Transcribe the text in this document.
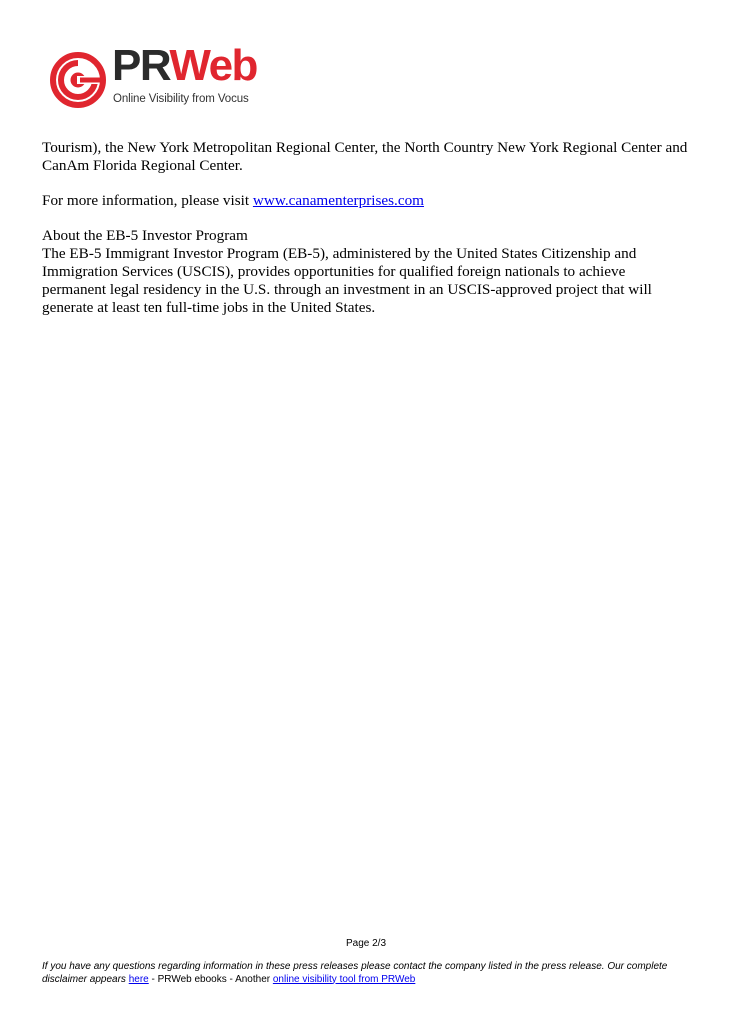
PRWeb
Online Visibility from Vocus

Tourism), the New York Metropolitan Regional Center, the North Country New York Regional Center and CanAm Florida Regional Center.

For more information, please visit www.canamenterprises.com

About the EB-5 Investor Program

The EB-5 Immigrant Investor Program (EB-5), administered by the United States Citizenship and Immigration Services (USCIS), provides opportunities for qualified foreign nationals to achieve permanent legal residency in the U.S. through an investment in an USCIS-approved project that will generate at least ten full-time jobs in the United States.

Page 2/3
If you have any questions regarding information in these press releases please contact the company listed in the press release. Our complete disclaimer appears here - PRWeb ebooks - Another online visibility tool from PRWeb
